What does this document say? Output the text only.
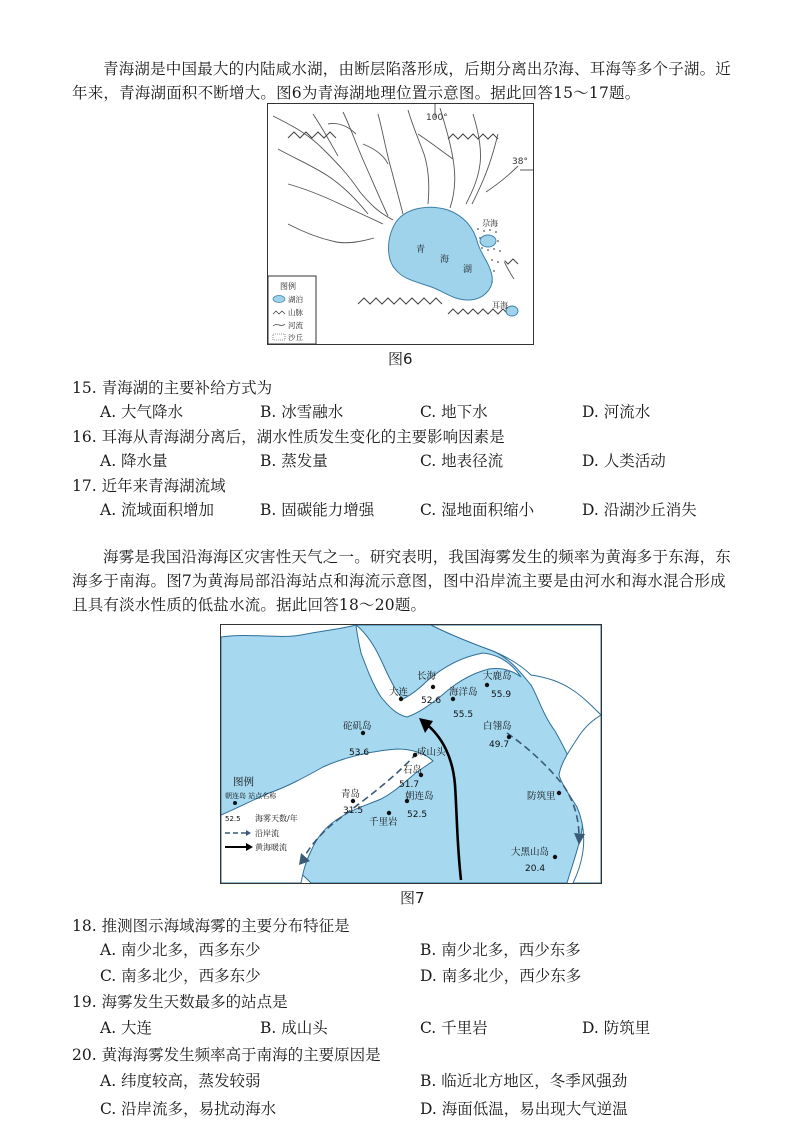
青海湖是中国最大的内陆咸水湖，由断层陷落形成，后期分离出尕海、耳海等多个子湖。近年来，青海湖面积不断增大。图6为青海湖地理位置示意图。据此回答15～17题。

100°
38°
青
海
湖
尕海
耳海
图例
湖泊
山脉
河流
沙丘
图6
15. 青海湖的主要补给方式为
A. 大气降水	B. 冰雪融水	C. 地下水	D. 河流水
16. 耳海从青海湖分离后，湖水性质发生变化的主要影响因素是
A. 降水量	B. 蒸发量	C. 地表径流	D. 人类活动
17. 近年来青海湖流域
A. 流域面积增加	B. 固碳能力增强	C. 湿地面积缩小	D. 沿湖沙丘消失

海雾是我国沿海海区灾害性天气之一。研究表明，我国海雾发生的频率为黄海多于东海，东海多于南海。图7为黄海局部沿海站点和海流示意图，图中沿岸流主要是由河水和海水混合形成且具有淡水性质的低盐水流。据此回答18～20题。

大连
长海
52.6
海洋岛
55.5
大鹿岛
55.9
白翎岛
49.7
砣矶岛
53.6	成山头
石岛
51.7
青岛
31.5
朝连岛
52.5
千里岩
防筑里
大黑山岛
20.4
图例
朝连岛 站点名称
52.5 海雾天数/年
沿岸流
黄海暖流
图7
18. 推测图示海域海雾的主要分布特征是
A. 南少北多，西多东少	B. 南少北多，西少东多
C. 南多北少，西多东少	D. 南多北少，西少东多
19. 海雾发生天数最多的站点是
A. 大连	B. 成山头	C. 千里岩	D. 防筑里
20. 黄海海雾发生频率高于南海的主要原因是
A. 纬度较高，蒸发较弱	B. 临近北方地区，冬季风强劲
C. 沿岸流多，易扰动海水	D. 海面低温，易出现大气逆温
